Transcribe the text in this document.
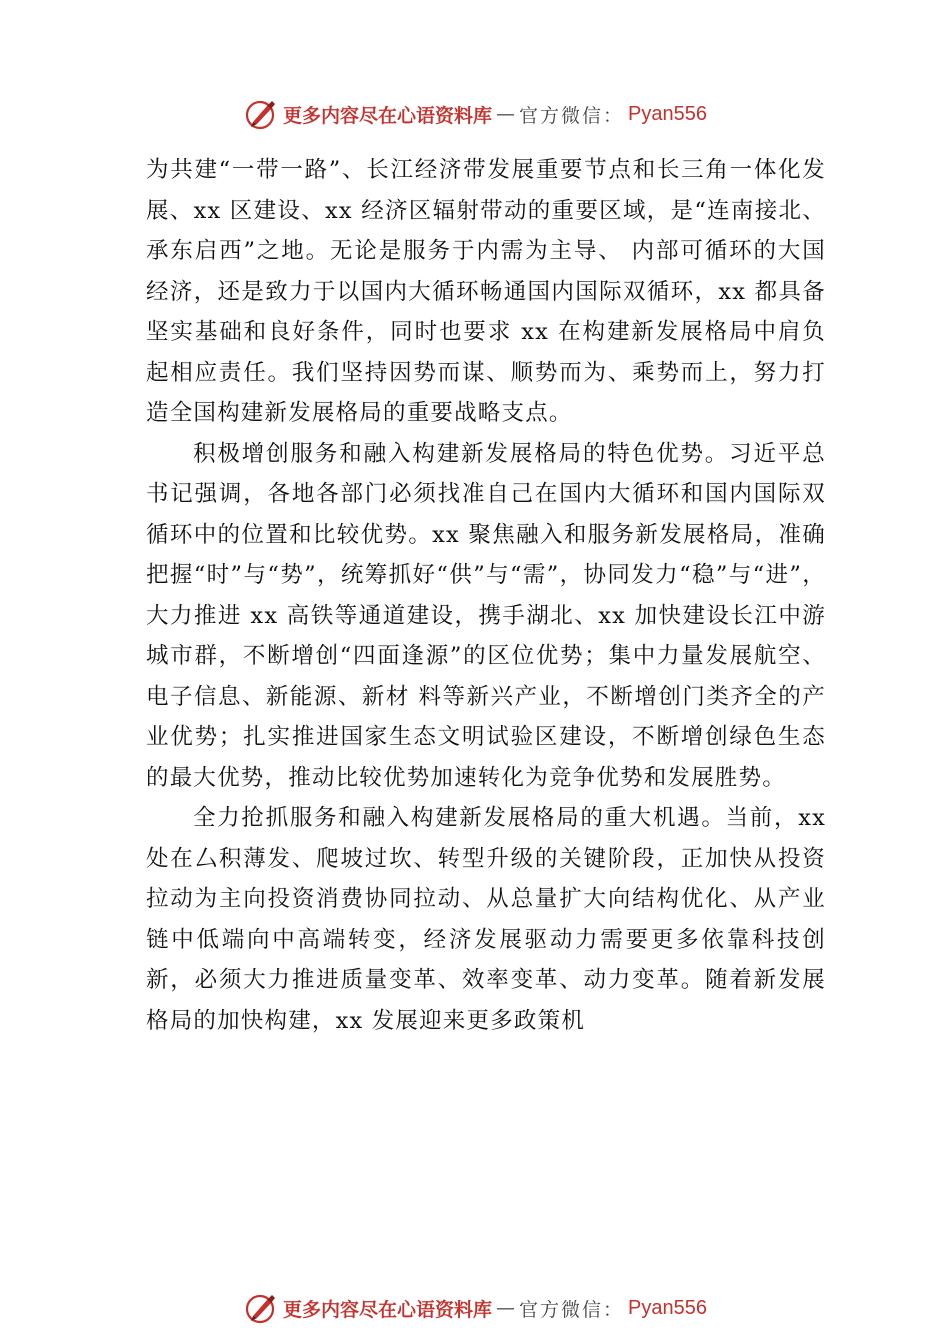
更多内容尽在心语资料库 — 官方微信： Pyan556

为共建“一带一路”、长江经济带发展重要节点和长三角一体化发展、xx 区建设、xx 经济区辐射带动的重要区域，是“连南接北、承东启西”之地。无论是服务于内需为主导、 内部可循环的大国经济，还是致力于以国内大循环畅通国内国际双循环，xx 都具备坚实基础和良好条件，同时也要求 xx 在构建新发展格局中肩负起相应责任。我们坚持因势而谋、顺势而为、乘势而上，努力打造全国构建新发展格局的重要战略支点。

积极增创服务和融入构建新发展格局的特色优势。习近平总书记强调，各地各部门必须找准自己在国内大循环和国内国际双循环中的位置和比较优势。xx 聚焦融入和服务新发展格局，准确把握“时”与“势”，统筹抓好“供”与“需”，协同发力“稳”与“进”，大力推进 xx 高铁等通道建设，携手湖北、xx 加快建设长江中游城市群，不断增创“四面逢源”的区位优势；集中力量发展航空、电子信息、新能源、新材 料等新兴产业，不断增创门类齐全的产业优势；扎实推进国家生态文明试验区建设，不断增创绿色生态的最大优势，推动比较优势加速转化为竞争优势和发展胜势。

全力抢抓服务和融入构建新发展格局的重大机遇。当前，xx 处在厶积薄发、爬坡过坎、转型升级的关键阶段，正加快从投资拉动为主向投资消费协同拉动、从总量扩大向结构优化、从产业链中低端向中高端转变，经济发展驱动力需要更多依靠科技创新，必须大力推进质量变革、效率变革、动力变革。随着新发展格局的加快构建，xx 发展迎来更多政策机

更多内容尽在心语资料库 — 官方微信： Pyan556
